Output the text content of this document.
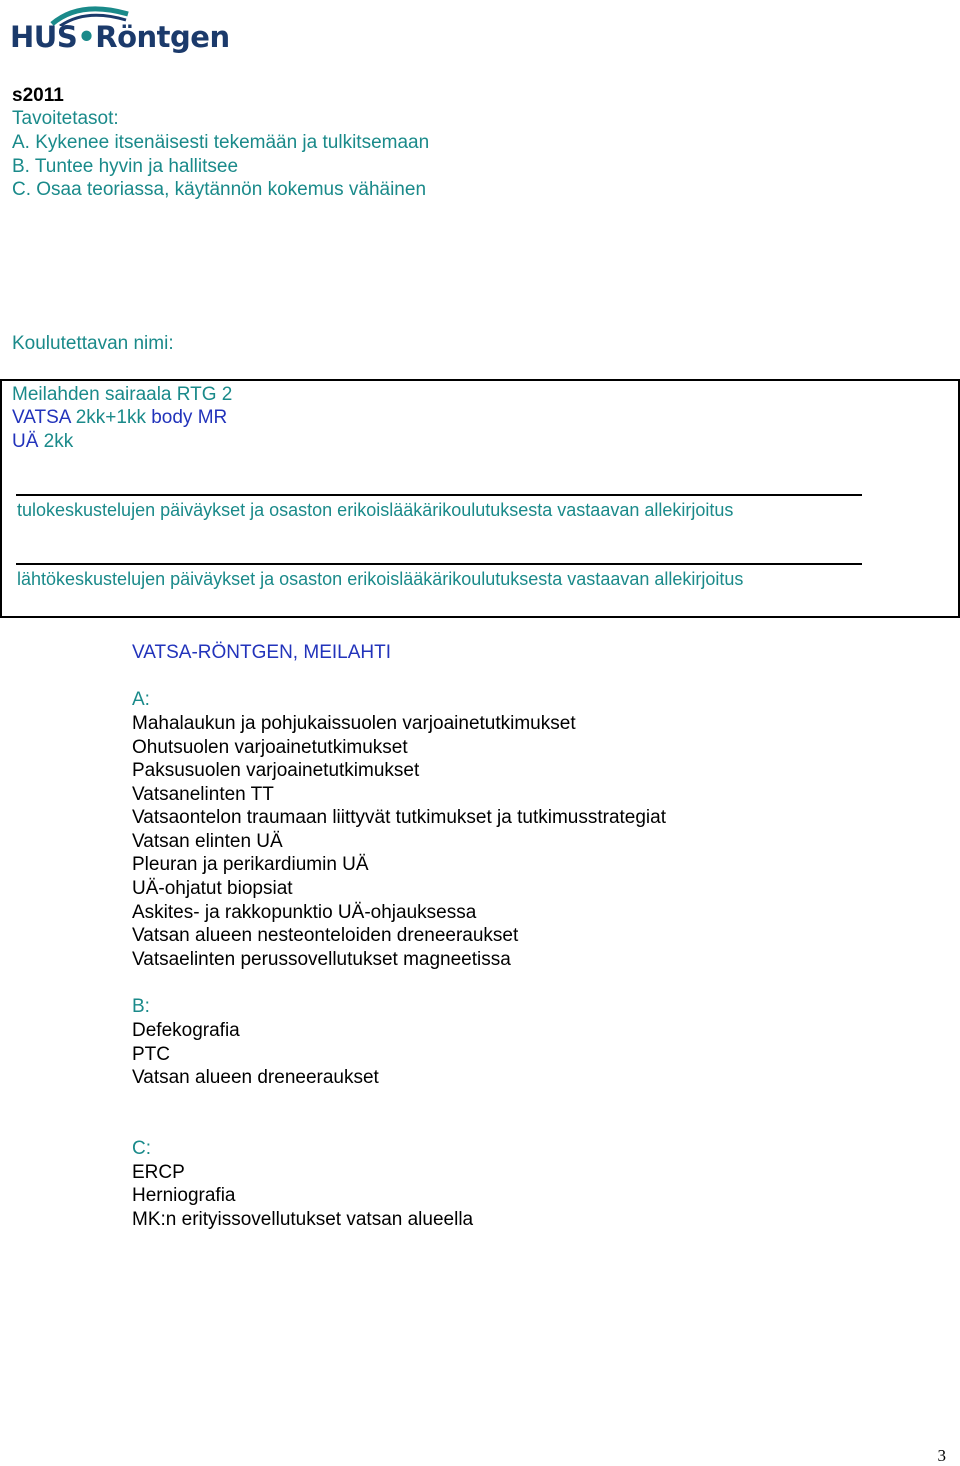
HUS•Röntgen
s2011
Tavoitetasot:
A. Kykenee itsenäisesti tekemään ja tulkitsemaan
B. Tuntee hyvin ja hallitsee
C. Osaa teoriassa, käytännön kokemus vähäinen
Koulutettavan nimi:
Meilahden sairaala RTG 2
VATSA 2kk+1kk body MR
UÄ 2kk
tulokeskustelujen päiväykset ja osaston erikoislääkärikoulutuksesta vastaavan allekirjoitus
lähtökeskustelujen päiväykset ja osaston erikoislääkärikoulutuksesta vastaavan allekirjoitus
VATSA-RÖNTGEN, MEILAHTI
A:
Mahalaukun ja pohjukaissuolen varjoainetutkimukset
Ohutsuolen varjoainetutkimukset
Paksusuolen varjoainetutkimukset
Vatsanelinten TT
Vatsaontelon traumaan liittyvät tutkimukset ja tutkimusstrategiat
Vatsan elinten UÄ
Pleuran ja perikardiumin UÄ
UÄ-ohjatut biopsiat
Askites- ja rakkopunktio UÄ-ohjauksessa
Vatsan alueen nesteonteloiden dreneeraukset
Vatsaelinten perussovellutukset magneetissa
B:
Defekografia
PTC
Vatsan alueen dreneeraukset
C:
ERCP
Herniografia
MK:n erityissovellutukset vatsan alueella
3
